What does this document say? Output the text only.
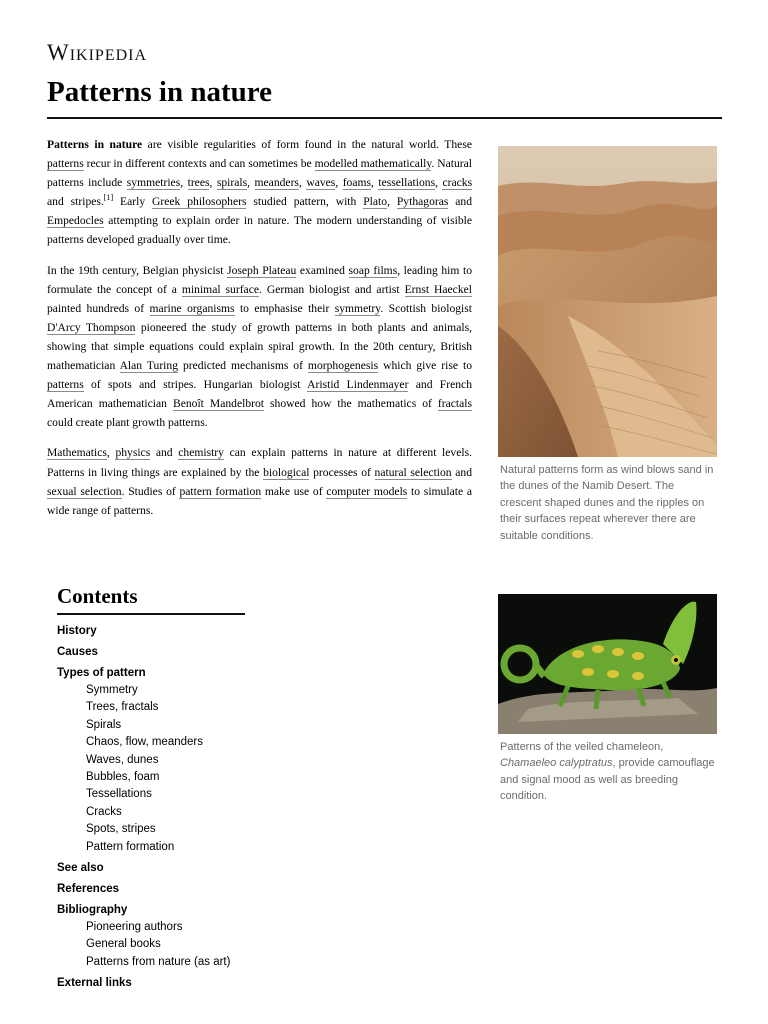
Wikipedia
Patterns in nature

Patterns in nature are visible regularities of form found in the natural world. These patterns recur in different contexts and can sometimes be modelled mathematically. Natural patterns include symmetries, trees, spirals, meanders, waves, foams, tessellations, cracks and stripes.[1] Early Greek philosophers studied pattern, with Plato, Pythagoras and Empedocles attempting to explain order in nature. The modern understanding of visible patterns developed gradually over time.

In the 19th century, Belgian physicist Joseph Plateau examined soap films, leading him to formulate the concept of a minimal surface. German biologist and artist Ernst Haeckel painted hundreds of marine organisms to emphasise their symmetry. Scottish biologist D'Arcy Thompson pioneered the study of growth patterns in both plants and animals, showing that simple equations could explain spiral growth. In the 20th century, British mathematician Alan Turing predicted mechanisms of morphogenesis which give rise to patterns of spots and stripes. Hungarian biologist Aristid Lindenmayer and French American mathematician Benoît Mandelbrot showed how the mathematics of fractals could create plant growth patterns.

Mathematics, physics and chemistry can explain patterns in nature at different levels. Patterns in living things are explained by the biological processes of natural selection and sexual selection. Studies of pattern formation make use of computer models to simulate a wide range of patterns.

Natural patterns form as wind blows sand in the dunes of the Namib Desert. The crescent shaped dunes and the ripples on their surfaces repeat wherever there are suitable conditions.
Patterns of the veiled chameleon, Chamaeleo calyptratus, provide camouflage and signal mood as well as breeding condition.
Contents
History
Causes
Types of pattern
Symmetry
Trees, fractals
Spirals
Chaos, flow, meanders
Waves, dunes
Bubbles, foam
Tessellations
Cracks
Spots, stripes
Pattern formation
See also
References
Bibliography
Pioneering authors
General books
Patterns from nature (as art)
External links
